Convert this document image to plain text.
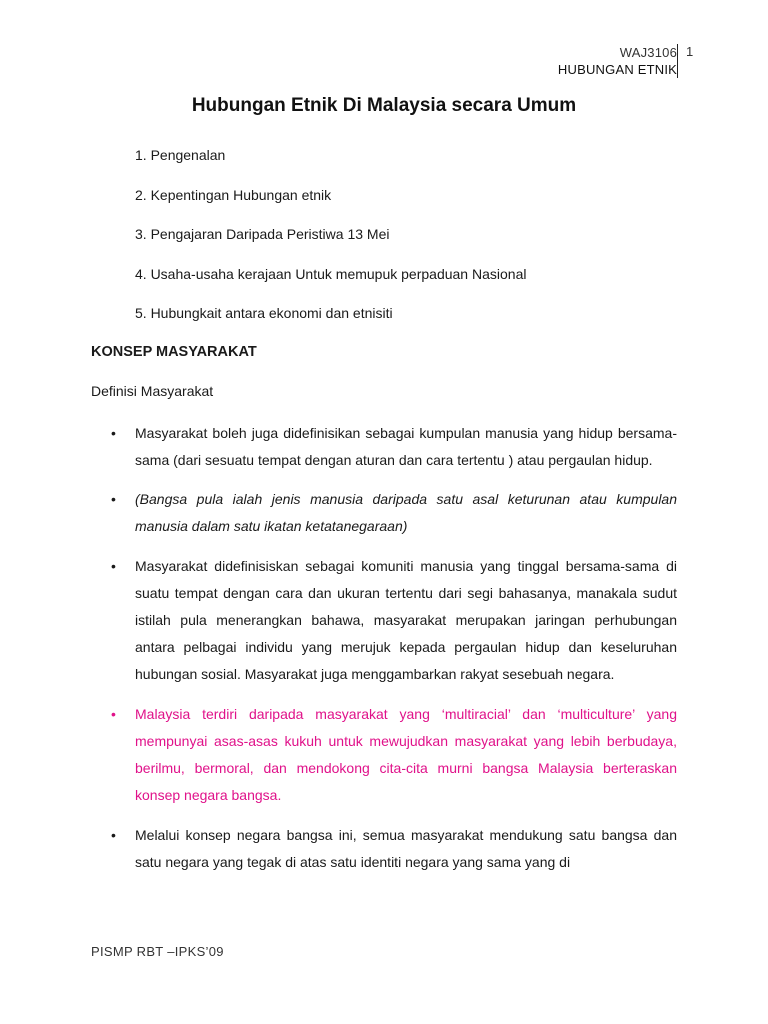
WAJ3106
HUBUNGAN ETNIK
1
Hubungan Etnik Di Malaysia secara Umum
1. Pengenalan
2. Kepentingan Hubungan etnik
3. Pengajaran Daripada Peristiwa 13 Mei
4. Usaha-usaha kerajaan Untuk memupuk perpaduan Nasional
5. Hubungkait antara ekonomi dan etnisiti
KONSEP MASYARAKAT
Definisi Masyarakat
• Masyarakat boleh juga didefinisikan sebagai kumpulan manusia yang hidup bersama-sama (dari sesuatu tempat dengan aturan dan cara tertentu ) atau pergaulan hidup.
• (Bangsa pula ialah jenis manusia daripada satu asal keturunan atau kumpulan manusia dalam satu ikatan ketatanegaraan)
• Masyarakat didefinisiskan sebagai komuniti manusia yang tinggal bersama-sama di suatu tempat dengan cara dan ukuran tertentu dari segi bahasanya, manakala sudut istilah pula menerangkan bahawa, masyarakat merupakan jaringan perhubungan antara pelbagai individu yang merujuk kepada pergaulan hidup dan keseluruhan hubungan sosial. Masyarakat juga menggambarkan rakyat sesebuah negara.
• Malaysia terdiri daripada masyarakat yang ‘multiracial’ dan ‘multiculture’ yang mempunyai asas-asas kukuh untuk mewujudkan masyarakat yang lebih berbudaya, berilmu, bermoral, dan mendokong cita-cita murni bangsa Malaysia berteraskan konsep negara bangsa.
• Melalui konsep negara bangsa ini, semua masyarakat mendukung satu bangsa dan satu negara yang tegak di atas satu identiti negara yang sama yang di
PISMP RBT –IPKS’09
